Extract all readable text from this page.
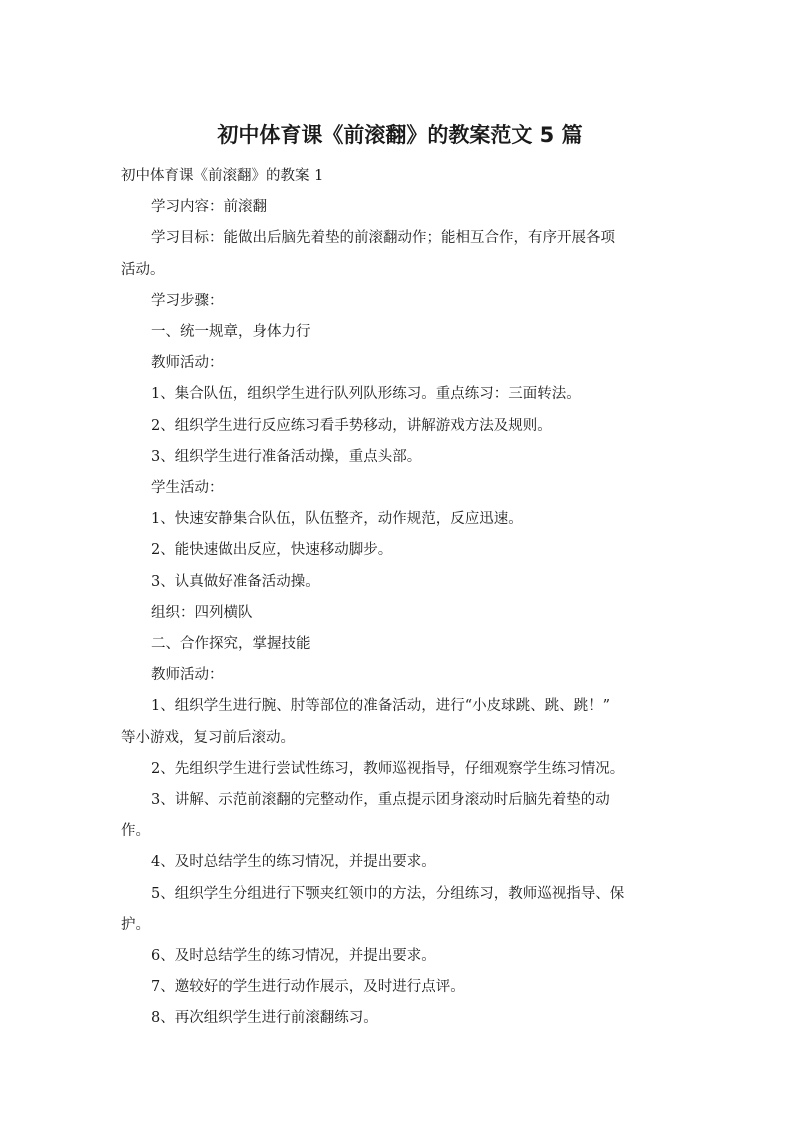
初中体育课《前滚翻》的教案范文 5 篇

初中体育课《前滚翻》的教案 1

学习内容：前滚翻

学习目标：能做出后脑先着垫的前滚翻动作；能相互合作，有序开展各项

活动。

学习步骤：

一、统一规章，身体力行

教师活动：

1、集合队伍，组织学生进行队列队形练习。重点练习：三面转法。

2、组织学生进行反应练习看手势移动，讲解游戏方法及规则。

3、组织学生进行准备活动操，重点头部。

学生活动：

1、快速安静集合队伍，队伍整齐，动作规范，反应迅速。

2、能快速做出反应，快速移动脚步。

3、认真做好准备活动操。

组织：四列横队

二、合作探究，掌握技能

教师活动：

1、组织学生进行腕、肘等部位的准备活动，进行“小皮球跳、跳、跳！”

等小游戏，复习前后滚动。

2、先组织学生进行尝试性练习，教师巡视指导，仔细观察学生练习情况。

3、讲解、示范前滚翻的完整动作，重点提示团身滚动时后脑先着垫的动

作。

4、及时总结学生的练习情况，并提出要求。

5、组织学生分组进行下颚夹红领巾的方法，分组练习，教师巡视指导、保

护。

6、及时总结学生的练习情况，并提出要求。

7、邀较好的学生进行动作展示，及时进行点评。

8、再次组织学生进行前滚翻练习。
